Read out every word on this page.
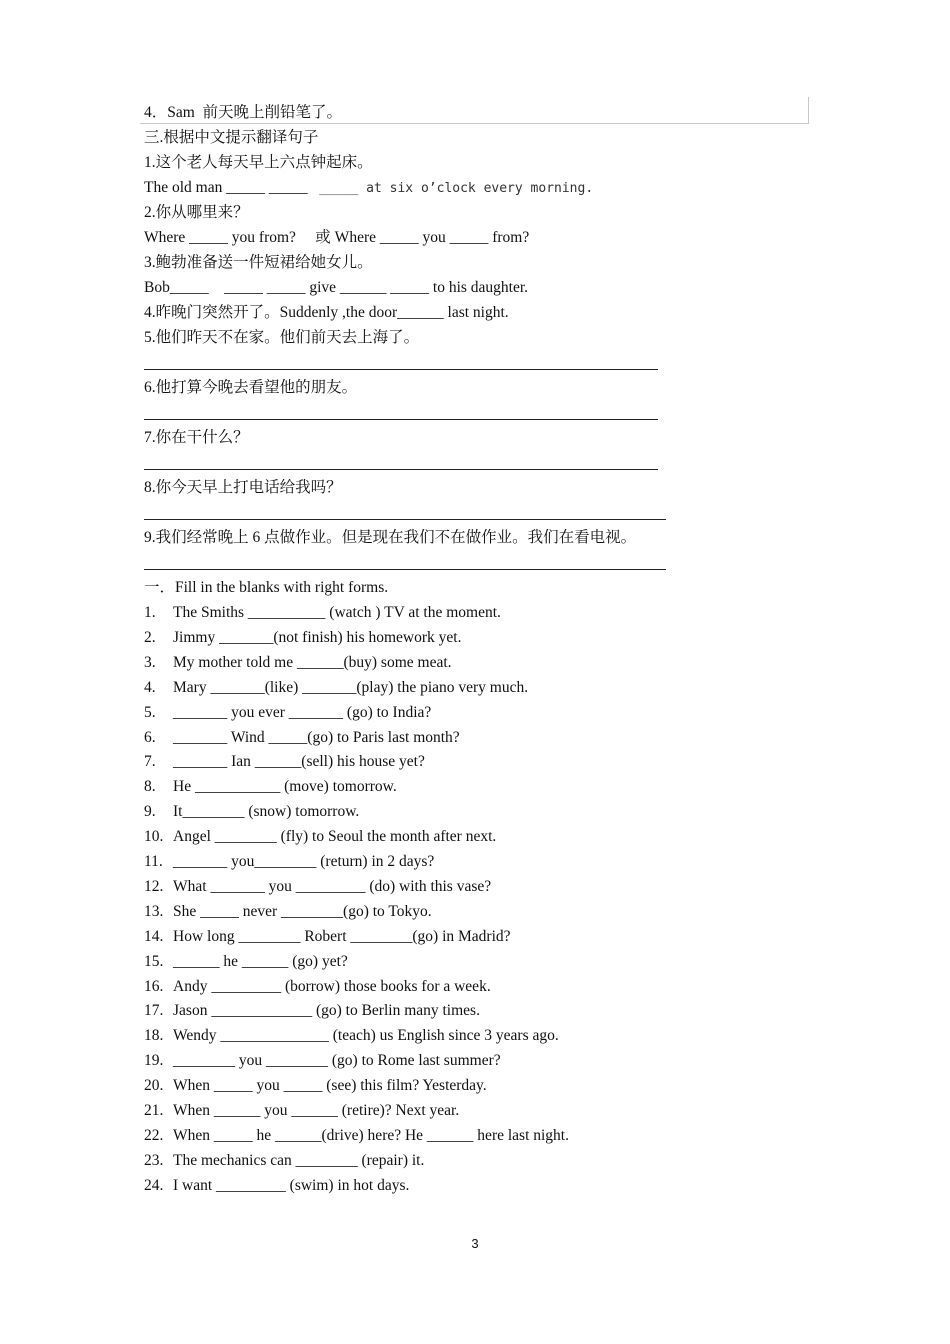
4．Sam  前天晚上削铅笔了。
三.根据中文提示翻译句子
1.这个老人每天早上六点钟起床。
The old man _____ _____   _____ at six o’clock every morning.
2.你从哪里来？
Where _____ you from?     或 Where _____ you _____ from?
3.鲍勃准备送一件短裙给她女儿。
Bob_____    _____ _____ give ______ _____ to his daughter.
4.昨晚门突然开了。Suddenly ,the door______ last night.
5.他们昨天不在家。他们前天去上海了。
6.他打算今晚去看望他的朋友。
7.你在干什么？
8.你今天早上打电话给我吗？
9.我们经常晚上 6 点做作业。但是现在我们不在做作业。我们在看电视。
一．Fill in the blanks with right forms.
1. The Smiths __________ (watch ) TV at the moment.
2. Jimmy _______(not finish) his homework yet.
3. My mother told me ______(buy) some meat.
4. Mary _______(like) _______(play) the piano very much.
5. _______ you ever _______ (go) to India?
6. _______ Wind _____(go) to Paris last month?
7. _______ Ian ______(sell) his house yet?
8. He ___________ (move) tomorrow.
9. It________ (snow) tomorrow.
10. Angel ________ (fly) to Seoul the month after next.
11. _______ you________ (return) in 2 days?
12. What _______ you _________ (do) with this vase?
13. She _____ never ________(go) to Tokyo.
14. How long ________ Robert ________(go) in Madrid?
15. ______ he ______ (go) yet?
16. Andy _________ (borrow) those books for a week.
17. Jason _____________ (go) to Berlin many times.
18. Wendy ______________ (teach) us English since 3 years ago.
19. ________ you ________ (go) to Rome last summer?
20. When _____ you _____ (see) this film? Yesterday.
21. When ______ you ______ (retire)? Next year.
22. When _____ he ______(drive) here? He ______ here last night.
23. The mechanics can ________ (repair) it.
24. I want _________ (swim) in hot days.
3
